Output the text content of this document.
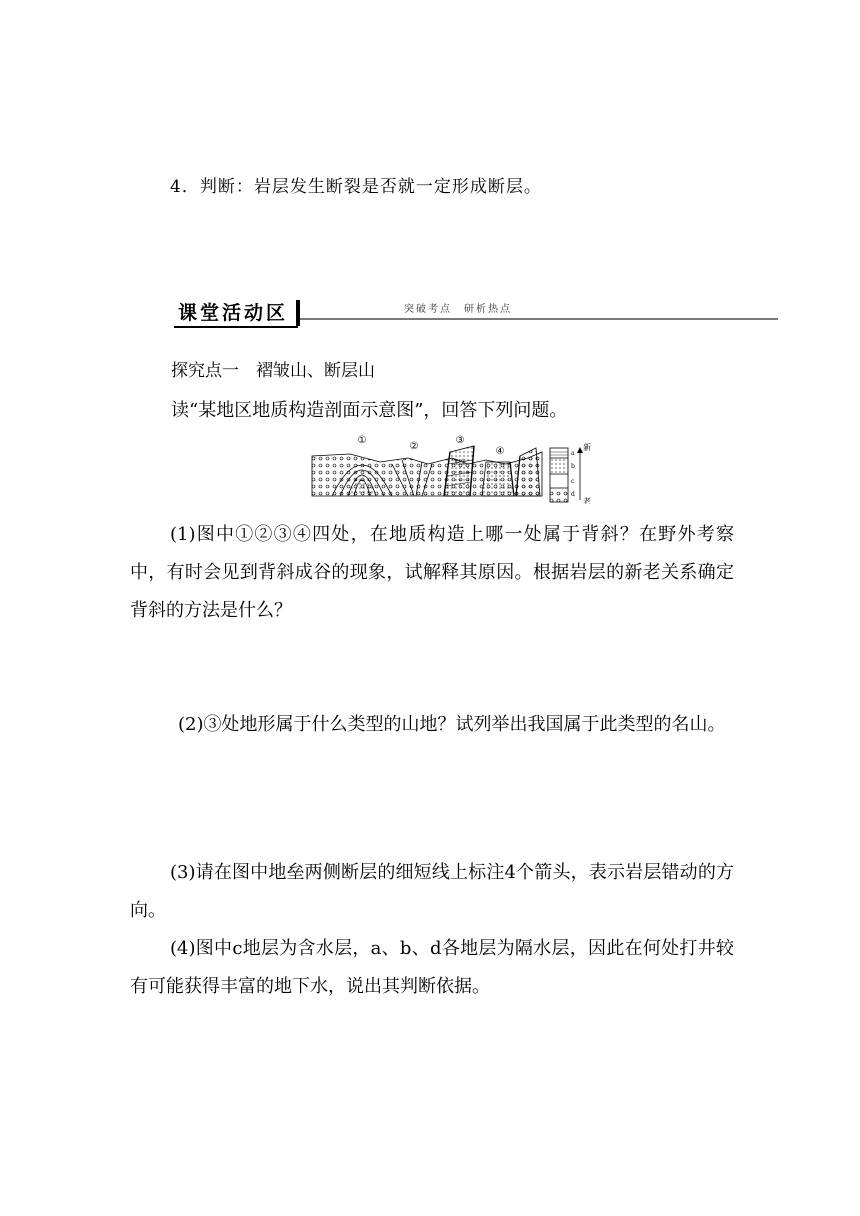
4．判断：岩层发生断裂是否就一定形成断层。
课堂活动区	突破考点　研析热点
探究点一　褶皱山、断层山
读“某地区地质构造剖面示意图”，回答下列问题。
①
②
③
④
地垒
a
b
c
d
新
老

(1)图中①②③④四处，在地质构造上哪一处属于背斜？在野外考察中，有时会见到背斜成谷的现象，试解释其原因。根据岩层的新老关系确定背斜的方法是什么？

(2)③处地形属于什么类型的山地？试列举出我国属于此类型的名山。

(3)请在图中地垒两侧断层的细短线上标注4个箭头，表示岩层错动的方向。

(4)图中c地层为含水层，a、b、d各地层为隔水层，因此在何处打井较有可能获得丰富的地下水，说出其判断依据。
